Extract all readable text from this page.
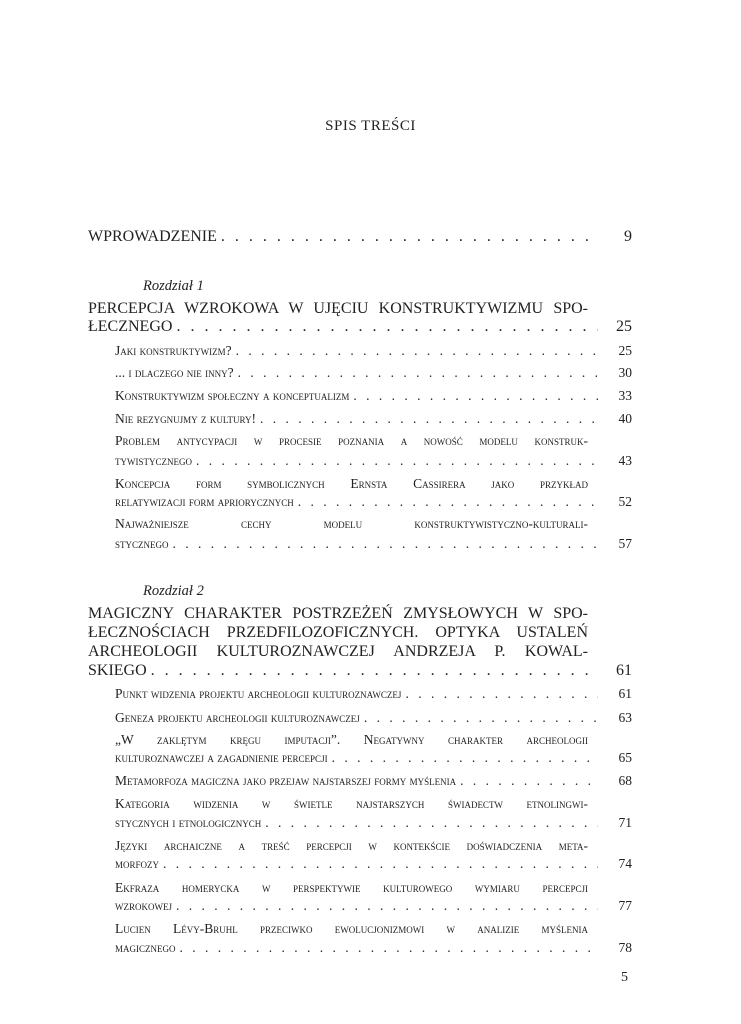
SPIS TREŚCI
WPROWADZENIE . . .	9
Rozdział 1
PERCEPCJA WZROKOWA W UJĘCIU KONSTRUKTYWIZMU SPO-
ŁECZNEGO . . .	25
Jaki konstruktywizm? . . .	25
... i dlaczego nie inny? . . .	30
Konstruktywizm społeczny a konceptualizm . . .	33
Nie rezygnujmy z kultury! . . .	40
Problem antycypacji w procesie poznania a nowość modelu konstruk-
tywistycznego . . .	43
Koncepcja form symbolicznych Ernsta Cassirera jako przykład
relatywizacji form apriorycznych . . .	52
Najważniejsze cechy modelu konstruktywistyczno-kulturali-
stycznego . . .	57
Rozdział 2
MAGICZNY CHARAKTER POSTRZEŻEŃ ZMYSŁOWYCH W SPO-
ŁECZNOŚCIACH PRZEDFILOZOFICZNYCH. OPTYKA USTALEŃ
ARCHEOLOGII KULTUROZNAWCZEJ ANDRZEJA P. KOWAL-
SKIEGO . . .	61
Punkt widzenia projektu archeologii kulturoznawczej . . .	61
Geneza projektu archeologii kulturoznawczej . . .	63
„W zaklętym kręgu imputacji”. Negatywny charakter archeologii
kulturoznawczej a zagadnienie percepcji . . .	65
Metamorfoza magiczna jako przejaw najstarszej formy myślenia . . .	68
Kategoria widzenia w świetle najstarszych świadectw etnolingwi-
stycznych i etnologicznych . . .	71
Języki archaiczne a treść percepcji w kontekście doświadczenia meta-
morfozy . . .	74
Ekfraza homerycka w perspektywie kulturowego wymiaru percepcji
wzrokowej . . .	77
Lucien Lévy-Bruhl przeciwko ewolucjonizmowi w analizie myślenia
magicznego . . .	78
5
